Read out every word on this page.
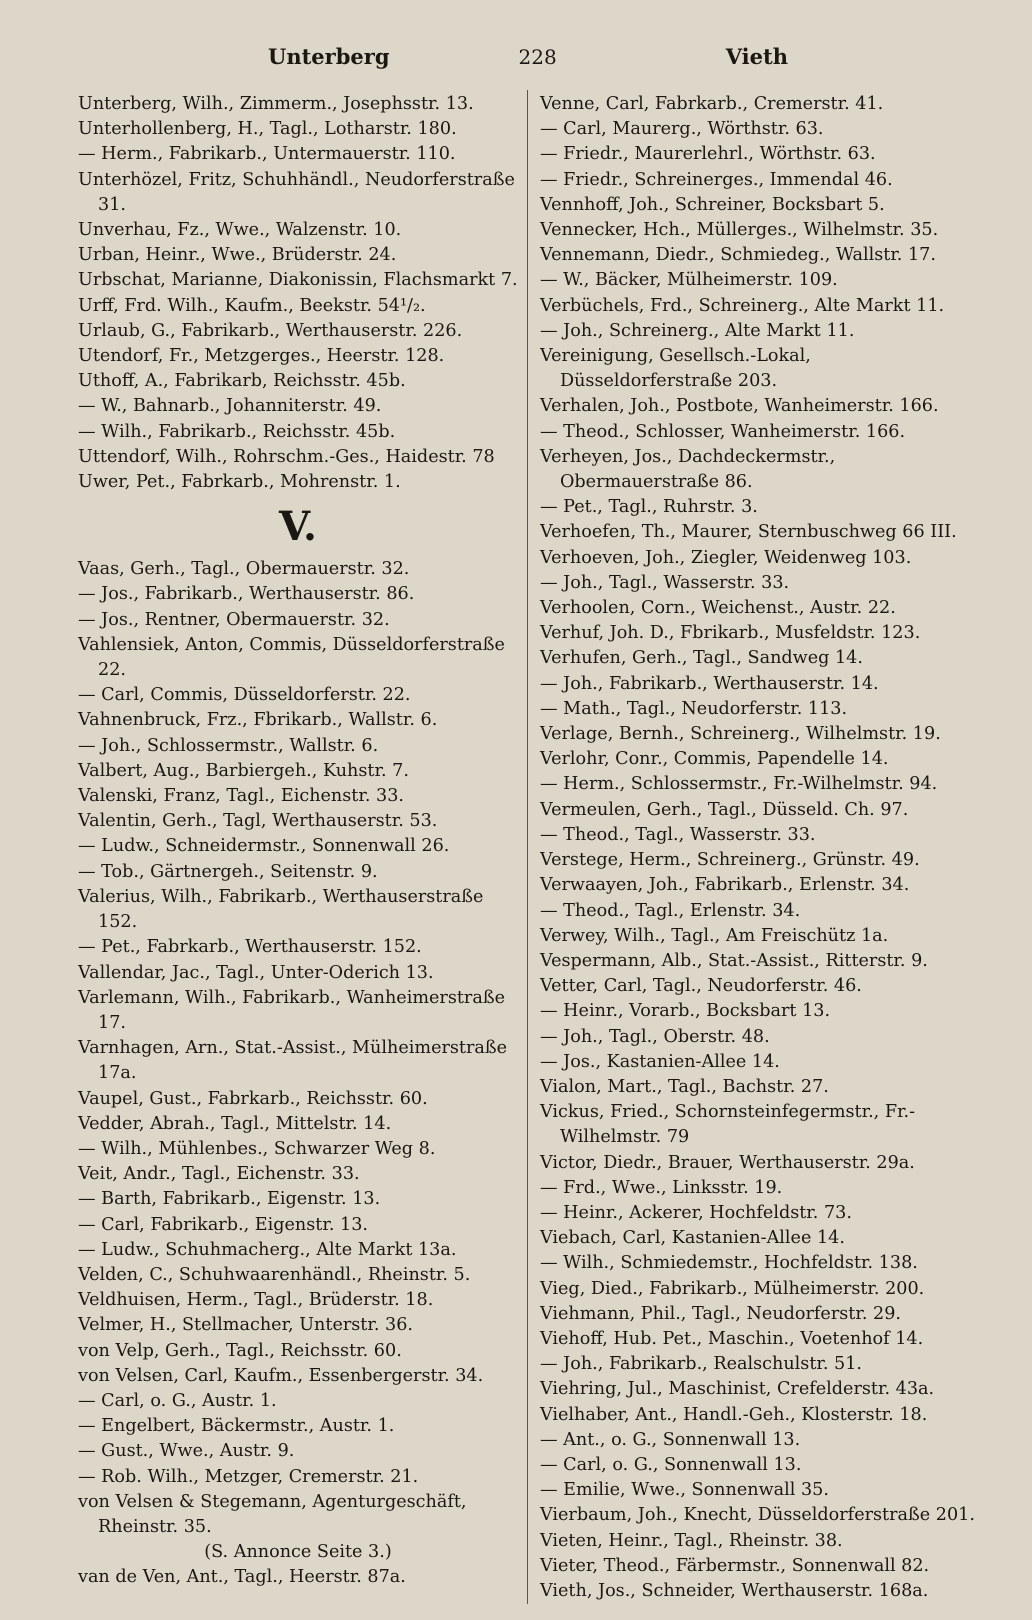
Unterberg	228	Vieth
Unterberg, Wilh., Zimmerm., Josephsstr. 13.
Unterhollenberg, H., Tagl., Lotharstr. 180.
— Herm., Fabrikarb., Untermauerstr. 110.
Unterhözel, Fritz, Schuhhändl., Neudorferstraße 31.
Unverhau, Fz., Wwe., Walzenstr. 10.
Urban, Heinr., Wwe., Brüderstr. 24.
Urbschat, Marianne, Diakonissin, Flachsmarkt 7.
Urff, Frd. Wilh., Kaufm., Beekstr. 54¹/₂.
Urlaub, G., Fabrikarb., Werthauserstr. 226.
Utendorf, Fr., Metzgerges., Heerstr. 128.
Uthoff, A., Fabrikarb, Reichsstr. 45b.
— W., Bahnarb., Johanniterstr. 49.
— Wilh., Fabrikarb., Reichsstr. 45b.
Uttendorf, Wilh., Rohrschm.-Ges., Haidestr. 78
Uwer, Pet., Fabrkarb., Mohrenstr. 1.
V.
Vaas, Gerh., Tagl., Obermauerstr. 32.
— Jos., Fabrikarb., Werthauserstr. 86.
— Jos., Rentner, Obermauerstr. 32.
Vahlensiek, Anton, Commis, Düsseldorferstraße 22.
— Carl, Commis, Düsseldorferstr. 22.
Vahnenbruck, Frz., Fbrikarb., Wallstr. 6.
— Joh., Schlossermstr., Wallstr. 6.
Valbert, Aug., Barbiergeh., Kuhstr. 7.
Valenski, Franz, Tagl., Eichenstr. 33.
Valentin, Gerh., Tagl, Werthauserstr. 53.
— Ludw., Schneidermstr., Sonnenwall 26.
— Tob., Gärtnergeh., Seitenstr. 9.
Valerius, Wilh., Fabrikarb., Werthauserstraße 152.
— Pet., Fabrkarb., Werthauserstr. 152.
Vallendar, Jac., Tagl., Unter-Oderich 13.
Varlemann, Wilh., Fabrikarb., Wanheimerstraße 17.
Varnhagen, Arn., Stat.-Assist., Mülheimerstraße 17a.
Vaupel, Gust., Fabrkarb., Reichsstr. 60.
Vedder, Abrah., Tagl., Mittelstr. 14.
— Wilh., Mühlenbes., Schwarzer Weg 8.
Veit, Andr., Tagl., Eichenstr. 33.
— Barth, Fabrikarb., Eigenstr. 13.
— Carl, Fabrikarb., Eigenstr. 13.
— Ludw., Schuhmacherg., Alte Markt 13a.
Velden, C., Schuhwaarenhändl., Rheinstr. 5.
Veldhuisen, Herm., Tagl., Brüderstr. 18.
Velmer, H., Stellmacher, Unterstr. 36.
von Velp, Gerh., Tagl., Reichsstr. 60.
von Velsen, Carl, Kaufm., Essenbergerstr. 34.
— Carl, o. G., Austr. 1.
— Engelbert, Bäckermstr., Austr. 1.
— Gust., Wwe., Austr. 9.
— Rob. Wilh., Metzger, Cremerstr. 21.
von Velsen & Stegemann, Agenturgeschäft, Rheinstr. 35.
(S. Annonce Seite 3.)
van de Ven, Ant., Tagl., Heerstr. 87a.
Venne, Carl, Fabrkarb., Cremerstr. 41.
— Carl, Maurerg., Wörthstr. 63.
— Friedr., Maurerlehrl., Wörthstr. 63.
— Friedr., Schreinerges., Immendal 46.
Vennhoff, Joh., Schreiner, Bocksbart 5.
Vennecker, Hch., Müllerges., Wilhelmstr. 35.
Vennemann, Diedr., Schmiedeg., Wallstr. 17.
— W., Bäcker, Mülheimerstr. 109.
Verbüchels, Frd., Schreinerg., Alte Markt 11.
— Joh., Schreinerg., Alte Markt 11.
Vereinigung, Gesellsch.-Lokal, Düsseldorferstraße 203.
Verhalen, Joh., Postbote, Wanheimerstr. 166.
— Theod., Schlosser, Wanheimerstr. 166.
Verheyen, Jos., Dachdeckermstr., Obermauerstraße 86.
— Pet., Tagl., Ruhrstr. 3.
Verhoefen, Th., Maurer, Sternbuschweg 66 III.
Verhoeven, Joh., Ziegler, Weidenweg 103.
— Joh., Tagl., Wasserstr. 33.
Verhoolen, Corn., Weichenst., Austr. 22.
Verhuf, Joh. D., Fbrikarb., Musfeldstr. 123.
Verhufen, Gerh., Tagl., Sandweg 14.
— Joh., Fabrikarb., Werthauserstr. 14.
— Math., Tagl., Neudorferstr. 113.
Verlage, Bernh., Schreinerg., Wilhelmstr. 19.
Verlohr, Conr., Commis, Papendelle 14.
— Herm., Schlossermstr., Fr.-Wilhelmstr. 94.
Vermeulen, Gerh., Tagl., Düsseld. Ch. 97.
— Theod., Tagl., Wasserstr. 33.
Verstege, Herm., Schreinerg., Grünstr. 49.
Verwaayen, Joh., Fabrikarb., Erlenstr. 34.
— Theod., Tagl., Erlenstr. 34.
Verwey, Wilh., Tagl., Am Freischütz 1a.
Vespermann, Alb., Stat.-Assist., Ritterstr. 9.
Vetter, Carl, Tagl., Neudorferstr. 46.
— Heinr., Vorarb., Bocksbart 13.
— Joh., Tagl., Oberstr. 48.
— Jos., Kastanien-Allee 14.
Vialon, Mart., Tagl., Bachstr. 27.
Vickus, Fried., Schornsteinfegermstr., Fr.-Wilhelmstr. 79
Victor, Diedr., Brauer, Werthauserstr. 29a.
— Frd., Wwe., Linksstr. 19.
— Heinr., Ackerer, Hochfeldstr. 73.
Viebach, Carl, Kastanien-Allee 14.
— Wilh., Schmiedemstr., Hochfeldstr. 138.
Vieg, Died., Fabrikarb., Mülheimerstr. 200.
Viehmann, Phil., Tagl., Neudorferstr. 29.
Viehoff, Hub. Pet., Maschin., Voetenhof 14.
— Joh., Fabrikarb., Realschulstr. 51.
Viehring, Jul., Maschinist, Crefelderstr. 43a.
Vielhaber, Ant., Handl.-Geh., Klosterstr. 18.
— Ant., o. G., Sonnenwall 13.
— Carl, o. G., Sonnenwall 13.
— Emilie, Wwe., Sonnenwall 35.
Vierbaum, Joh., Knecht, Düsseldorferstraße 201.
Vieten, Heinr., Tagl., Rheinstr. 38.
Vieter, Theod., Färbermstr., Sonnenwall 82.
Vieth, Jos., Schneider, Werthauserstr. 168a.
